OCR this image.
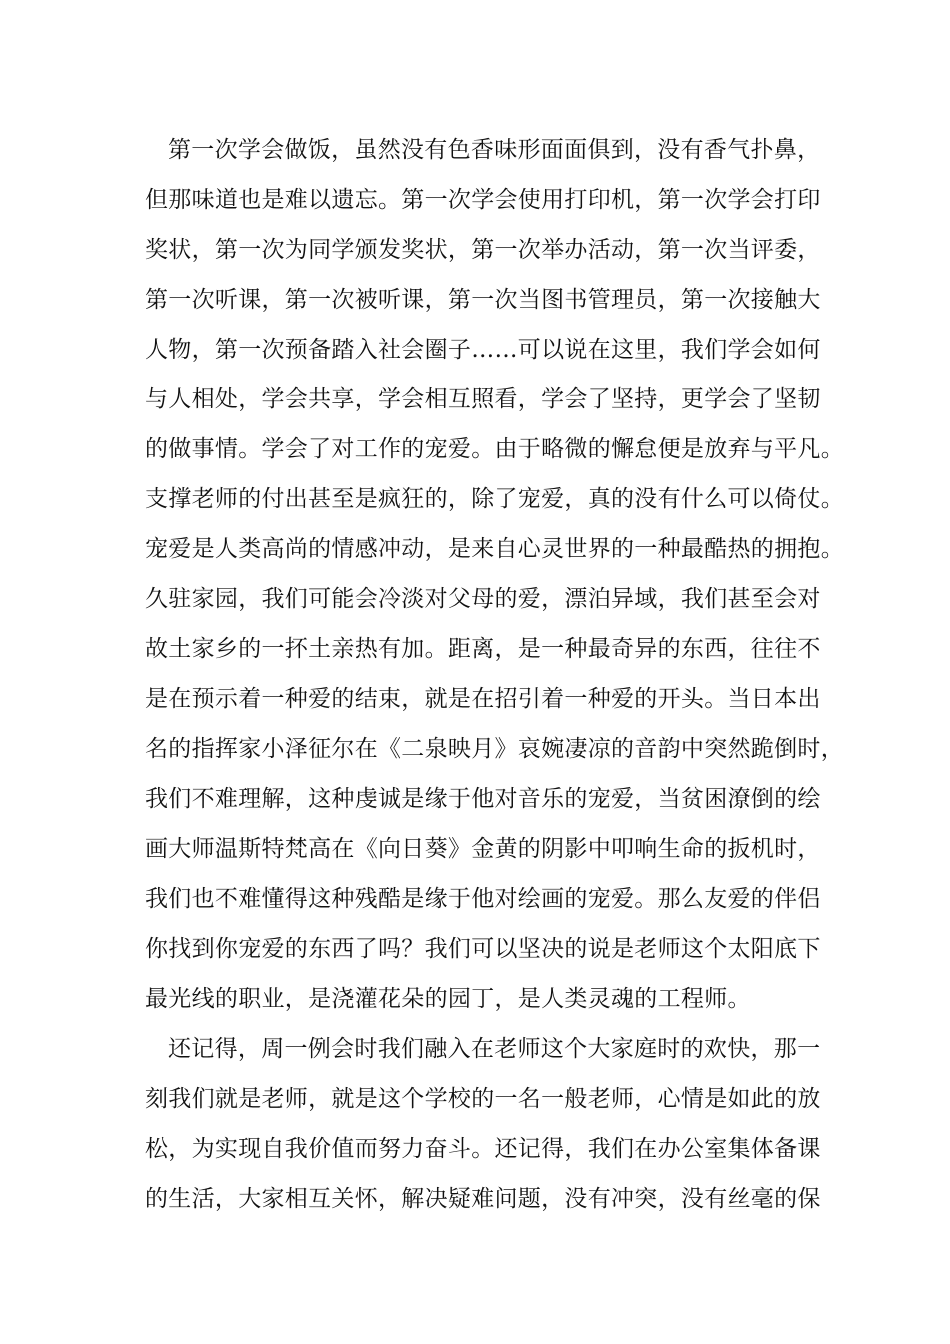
第一次学会做饭，虽然没有色香味形面面俱到，没有香气扑鼻，
但那味道也是难以遗忘。第一次学会使用打印机，第一次学会打印
奖状，第一次为同学颁发奖状，第一次举办活动，第一次当评委，
第一次听课，第一次被听课，第一次当图书管理员，第一次接触大
人物，第一次预备踏入社会圈子……可以说在这里，我们学会如何
与人相处，学会共享，学会相互照看，学会了坚持，更学会了坚韧
的做事情。学会了对工作的宠爱。由于略微的懈怠便是放弃与平凡。
支撑老师的付出甚至是疯狂的，除了宠爱，真的没有什么可以倚仗。
宠爱是人类高尚的情感冲动，是来自心灵世界的一种最酷热的拥抱。
久驻家园，我们可能会冷淡对父母的爱，漂泊异域，我们甚至会对
故土家乡的一抔土亲热有加。距离，是一种最奇异的东西，往往不
是在预示着一种爱的结束，就是在招引着一种爱的开头。当日本出
名的指挥家小泽征尔在《二泉映月》哀婉凄凉的音韵中突然跪倒时，
我们不难理解，这种虔诚是缘于他对音乐的宠爱，当贫困潦倒的绘
画大师温斯特梵高在《向日葵》金黄的阴影中叩响生命的扳机时，
我们也不难懂得这种残酷是缘于他对绘画的宠爱。那么友爱的伴侣
你找到你宠爱的东西了吗？我们可以坚决的说是老师这个太阳底下
最光线的职业，是浇灌花朵的园丁，是人类灵魂的工程师。
还记得，周一例会时我们融入在老师这个大家庭时的欢快，那一
刻我们就是老师，就是这个学校的一名一般老师，心情是如此的放
松，为实现自我价值而努力奋斗。还记得，我们在办公室集体备课
的生活，大家相互关怀，解决疑难问题，没有冲突，没有丝毫的保
